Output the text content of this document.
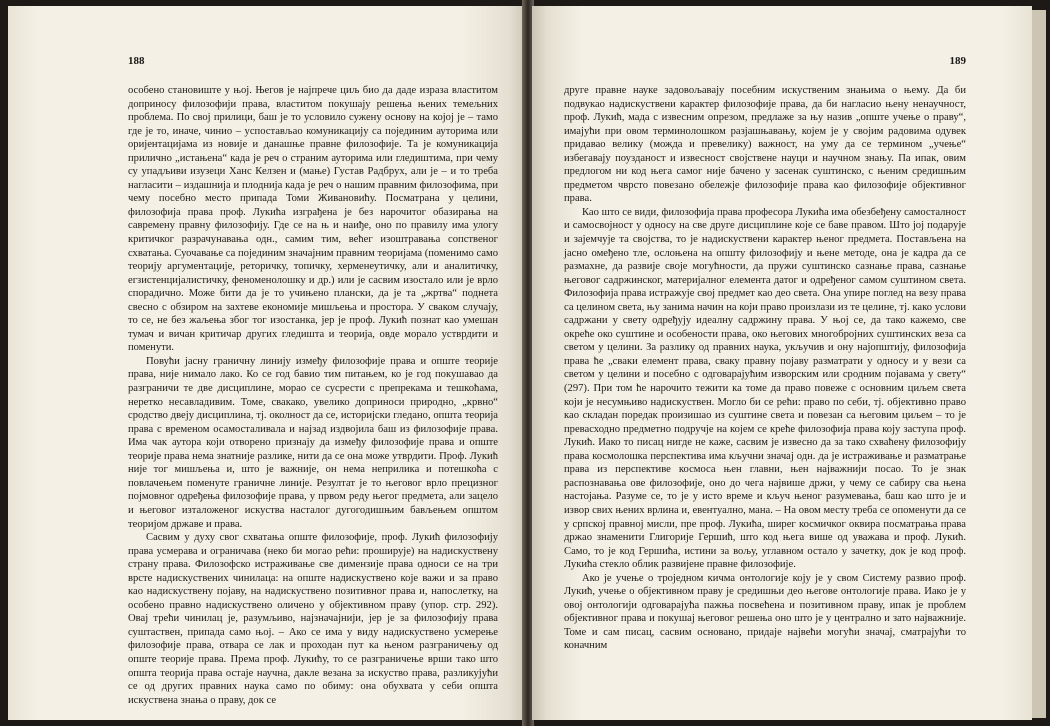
188

особено становиште у њој. Његов је најпрече циљ био да даде израза властитом доприносу филозофији права, властитом покушају решења њених темељних проблема. По свој прилици, баш је то условило сужену основу на којој је – тамо где је то, иначе, чинио – успостављао комуникацију са појединим ауторима или оријентацијама из новије и данашње правне филозофије. Та је комуникација прилично „истањена“ када је реч о страним ауторима или гледиштима, при чему су упадљиви изузеци Ханс Келзен и (мање) Густав Радбрух, али је – и то треба нагласити – издашнија и плоднија када је реч о нашим правним филозофима, при чему посебно место припада Томи Живановићу. Посматрана у целини, филозофија права проф. Лукића изграђена је без нарочитог обазирања на савремену правну филозофију. Где се на њ и наиђе, оно по правилу има улогу критичког разрачунавања одн., самим тим, већег изоштравања сопственог схватања. Суочавање са појединим значајним правним теоријама (поменимо само теорију аргументације, реторичку, топичку, херменеутичку, али и аналитичку, егзистенцијалистичку, феноменолошку и др.) или је сасвим изостало или је врло спорадично. Може бити да је то учињено плански, да је та „жртва“ поднета свесно с обзиром на захтеве економије мишљења и простора. У сваком случају, то се, не без жаљења због тог изостанка, јер је проф. Лукић познат као умешан тумач и вичан критичар других гледишта и теорија, овде морало устврдити и поменути.

Повући јасну граничну линију између филозофије права и опште теорије права, није нимало лако. Ко се год бавио тим питањем, ко је год покушавао да разграничи те две дисциплине, морао се сусрести с препрекама и тешкоћама, неретко несавладивим. Томе, свакако, увелико доприноси природно, „крвно“ сродство двеју дисциплина, тј. околност да се, историјски гледано, општа теорија права с временом осамосталивала и најзад издвојила баш из филозофије права. Има чак аутора који отворено признају да између филозофије права и опште теорије права нема знатније разлике, нити да се она може утврдити. Проф. Лукић није тог мишљења и, што је важније, он нема неприлика и потешкоћа с повлачењем поменуте граничне линије. Резултат је то његовог врло прецизног појмовног одређења филозофије права, у првом реду његог предмета, али зацело и његовог изталоженог искуства насталог дугогодишњим бављењем општом теоријом државе и права.

Сасвим у духу свог схватања опште филозофије, проф. Лукић филозофију права усмерава и ограничава (неко би могао рећи: проширује) на надискуствену страну права. Филозофско истраживање све димензије права односи се на три врсте надискуствених чинилаца: на опште надискуствено које важи и за право као надискуствену појаву, на надискуствено позитивног права и, напослетку, на особено правно надискуствено оличено у објективном праву (упор. стр. 292). Овај трећи чинилац је, разумљиво, најзначајнији, јер је за филозофију права суштаствен, припада само њој. – Ако се има у виду надискуствено усмерење филозофије права, отвара се лак и проходан пут ка њеном разграничењу од опште теорије права. Према проф. Лукићу, то се разграничење врши тако што општа теорија права остаје научна, дакле везана за искуство права, разликујући се од других правних наука само по обиму: она обухвата у себи општа искуствена знања о праву, док се

189

друге правне науке задовољавају посебним искуственим знањима о њему. Да би подвукао надискуствени карактер филозофије права, да би нагласио њену ненаучност, проф. Лукић, мада с извесним опрезом, предлаже за њу назив „опште учење о праву“, имајући при овом терминолошком разјашњавању, којем је у својим радовима одувек придавао велику (можда и превелику) важност, на уму да се термином „учење“ избегавају поузданост и извесност својствене науци и научном знању. Па ипак, овим предлогом ни код њега самог није бачено у засенак суштинско, с њеним средишњим предметом чврсто повезано обележје филозофије права као филозофије објективног права.

Као што се види, филозофија права професора Лукића има обезбеђену самосталност и самосвојност у односу на све друге дисциплине које се баве правом. Што јој подарује и зајемчује та својства, то је надискуствени карактер њеног предмета. Постављена на јасно омеђено тле, ослоњена на општу филозофију и њене методе, она је кадра да се размахне, да развије своје могућности, да пружи суштинско сазнање права, сазнање његовог садржинског, материјалног елемента датог и одређеног самом суштином света. Филозофија права истражује свој предмет као део света. Она упире поглед на везу права са целином света, њу занима начин на који право произлази из те целине, тј. како услови садржани у свету одређују идеалну садржину права. У њој се, да тако кажемо, све окреће око суштине и особености права, око његових многобројних суштинских веза са светом у целини. За разлику од правних наука, укључив и ону најопштију, филозофија права ће „сваки елемент права, сваку правну појаву разматрати у односу и у вези са светом у целини и посебно с одговарајућим изворским или сродним појавама у свету“ (297). При том ће нарочито тежити ка томе да право повеже с основним циљем света који је несумњиво надискуствен. Могло би се рећи: право по себи, тј. објективно право као складан поредак произишао из суштине света и повезан са његовим циљем – то је превасходно предметно подручје на којем се креће филозофија права коју заступа проф. Лукић. Иако то писац нигде не каже, сасвим је извесно да за тако схваћену филозофију права космолошка перспектива има кључни значај одн. да је истраживање и разматрање права из перспективе космоса њен главни, њен најважнији посао. То је знак распознавања ове филозофије, оно до чега највише држи, у чему се сабиру сва њена настојања. Разуме се, то је у исто време и кључ њеног разумевања, баш као што је и извор свих њених врлина и, евентуално, мана. – На овом месту треба се опоменути да се у српској правној мисли, пре проф. Лукића, ширег космичког оквира посматрања права држао знаменити Глигорије Гершић, што код њега више од уважава и проф. Лукић. Само, то је код Гершића, истини за вољу, углавном остало у зачетку, док је код проф. Лукића стекло облик развијене правне филозофије.

Ако је учење о троједном кичма онтологије коју је у свом Систему развио проф. Лукић, учење о објективном праву је средишњи део његове онтологије права. Иако је у овој онтологији одговарајућа пажња посвећена и позитивном праву, ипак је проблем објективног права и покушај његовог решења оно што је у централно и зато најважније. Томе и сам писац, сасвим основано, придаје највећи могући значај, сматрајући то коначним
